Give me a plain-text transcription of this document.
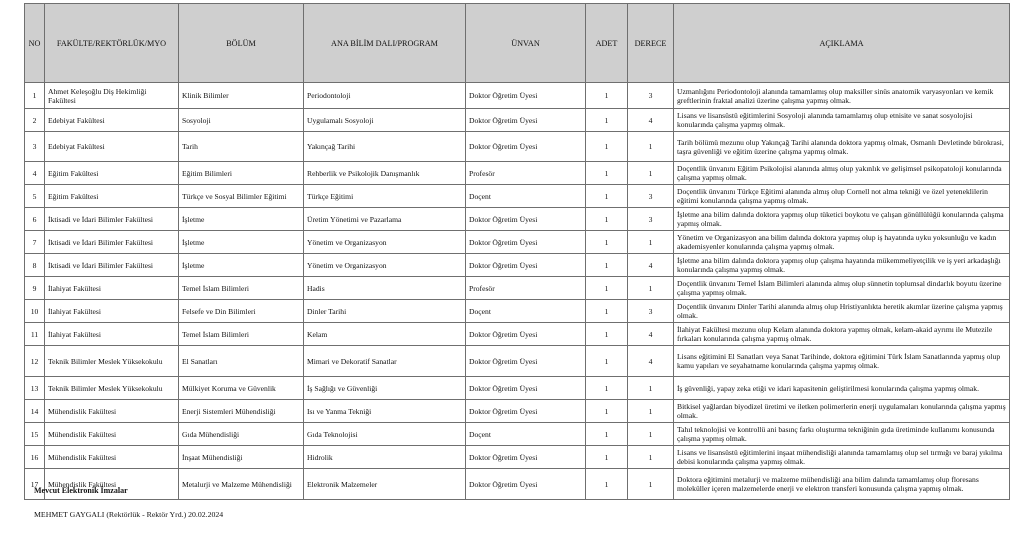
NO	FAKÜLTE/REKTÖRLÜK/MYO	BÖLÜM	ANA BİLİM DALI/PROGRAM	ÜNVAN	ADET	DERECE	AÇIKLAMA
1	Ahmet Keleşoğlu Diş Hekimliği Fakültesi	Klinik Bilimler	Periodontoloji	Doktor Öğretim Üyesi	1	3	Uzmanlığını Periodontoloji alanında tamamlamış olup maksiller sinüs anatomik varyasyonları ve kemik greftlerinin fraktal analizi üzerine çalışma yapmış olmak.
2	Edebiyat Fakültesi	Sosyoloji	Uygulamalı Sosyoloji	Doktor Öğretim Üyesi	1	4	Lisans ve lisansüstü eğitimlerini Sosyoloji alanında tamamlamış olup etnisite ve sanat sosyolojisi konularında çalışma yapmış olmak.
3	Edebiyat Fakültesi	Tarih	Yakınçağ Tarihi	Doktor Öğretim Üyesi	1	1	Tarih bölümü mezunu olup Yakınçağ Tarihi alanında doktora yapmış olmak, Osmanlı Devletinde bürokrasi, taşra güvenliği ve eğitim üzerine çalışma yapmış olmak.
4	Eğitim Fakültesi	Eğitim Bilimleri	Rehberlik ve Psikolojik Danışmanlık	Profesör	1	1	Doçentlik ünvanını Eğitim Psikolojisi alanında almış olup yakınlık ve gelişimsel psikopatoloji konularında çalışma yapmış olmak.
5	Eğitim Fakültesi	Türkçe ve Sosyal Bilimler Eğitimi	Türkçe Eğitimi	Doçent	1	3	Doçentlik ünvanını Türkçe Eğitimi alanında almış olup Cornell not alma tekniği ve özel yeteneklilerin eğitimi konularında çalışma yapmış olmak.
6	İktisadi ve İdari Bilimler Fakültesi	İşletme	Üretim Yönetimi ve Pazarlama	Doktor Öğretim Üyesi	1	3	İşletme ana bilim dalında doktora yapmış olup tüketici boykotu ve çalışan gönüllülüğü konularında çalışma yapmış olmak.
7	İktisadi ve İdari Bilimler Fakültesi	İşletme	Yönetim ve Organizasyon	Doktor Öğretim Üyesi	1	1	Yönetim ve Organizasyon ana bilim dalında doktora yapmış olup iş hayatında uyku yoksunluğu ve kadın akademisyenler konularında çalışma yapmış olmak.
8	İktisadi ve İdari Bilimler Fakültesi	İşletme	Yönetim ve Organizasyon	Doktor Öğretim Üyesi	1	4	İşletme ana bilim dalında doktora yapmış olup çalışma hayatında mükemmeliyetçilik ve iş yeri arkadaşlığı konularında çalışma yapmış olmak.
9	İlahiyat Fakültesi	Temel İslam Bilimleri	Hadis	Profesör	1	1	Doçentlik ünvanını Temel İslam Bilimleri alanında almış olup sünnetin toplumsal dindarlık boyutu üzerine çalışma yapmış olmak.
10	İlahiyat Fakültesi	Felsefe ve Din Bilimleri	Dinler Tarihi	Doçent	1	3	Doçentlik ünvanını Dinler Tarihi alanında almış olup Hristiyanlıkta heretik akımlar üzerine çalışma yapmış olmak.
11	İlahiyat Fakültesi	Temel İslam Bilimleri	Kelam	Doktor Öğretim Üyesi	1	4	İlahiyat Fakültesi mezunu olup Kelam alanında doktora yapmış olmak, kelam-akaid ayrımı ile Mutezile fırkaları konularında çalışma yapmış olmak.
12	Teknik Bilimler Meslek Yüksekokulu	El Sanatları	Mimari ve Dekoratif Sanatlar	Doktor Öğretim Üyesi	1	4	Lisans eğitimini El Sanatları veya Sanat Tarihinde, doktora eğitimini Türk İslam Sanatlarında yapmış olup kamu yapıları ve seyahatname konularında çalışma yapmış olmak.
13	Teknik Bilimler Meslek Yüksekokulu	Mülkiyet Koruma ve Güvenlik	İş Sağlığı ve Güvenliği	Doktor Öğretim Üyesi	1	1	İş güvenliği, yapay zeka etiği ve idari kapasitenin geliştirilmesi konularında çalışma yapmış olmak.
14	Mühendislik Fakültesi	Enerji Sistemleri Mühendisliği	Isı ve Yanma Tekniği	Doktor Öğretim Üyesi	1	1	Bitkisel yağlardan biyodizel üretimi ve iletken polimerlerin enerji uygulamaları konularında çalışma yapmış olmak.
15	Mühendislik Fakültesi	Gıda Mühendisliği	Gıda Teknolojisi	Doçent	1	1	Tahıl teknolojisi ve kontrollü ani basınç farkı oluşturma tekniğinin gıda üretiminde kullanımı konusunda çalışma yapmış olmak.
16	Mühendislik Fakültesi	İnşaat Mühendisliği	Hidrolik	Doktor Öğretim Üyesi	1	1	Lisans ve lisansüstü eğitimlerini inşaat mühendisliği alanında tamamlamış olup sel tırmığı ve baraj yıkılma debisi konularında çalışma yapmış olmak.
17	Mühendislik Fakültesi	Metalurji ve Malzeme Mühendisliği	Elektronik Malzemeler	Doktor Öğretim Üyesi	1	1	Doktora eğitimini metalurji ve malzeme mühendisliği ana bilim dalında tamamlamış olup floresans moleküller içeren malzemelerde enerji ve elektron transferi konusunda çalışma yapmış olmak.
Mevcut Elektronik İmzalar
MEHMET GAYGALI (Rektörlük - Rektör Yrd.) 20.02.2024
